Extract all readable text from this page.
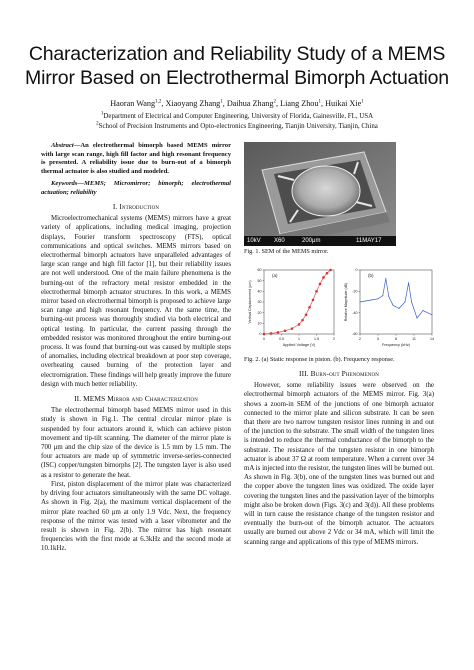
Characterization and Reliability Study of a MEMS
Mirror Based on Electrothermal Bimorph Actuation
Haoran Wang$^{1,2}$, Xiaoyang Zhang$^1$, Daihua Zhang$^2$, Liang Zhou$^1$, Huikai Xie$^1$
$^1$Department of Electrical and Computer Engineering, University of Florida, Gainesville, FL, USA
$^2$School of Precision Instruments and Opto-electronics Engineering, Tianjin University, Tianjin, China

Abstract—An electrothermal bimorph based MEMS mirror with large scan range, high fill factor and high resonant frequency is presented. A reliability issue due to burn-out of a bimorph thermal actuator is also studied and modeled.

Keywords—MEMS; Micromirror; bimorph; electrothermal actuation; reliability

I. Introduction

Microelectromechanical systems (MEMS) mirrors have a great variety of applications, including medical imaging, projection displays, Fourier transform spectroscopy (FTS), optical communications and optical switches. MEMS mirrors based on electrothermal bimorph actuators have unparalleled advantages of large scan range and high fill factor [1], but their reliability issues are not well understood. One of the main failure phenomena is the burning-out of the refractory metal resistor embedded in the electrothermal bimorph actuator structures. In this work, a MEMS mirror based on electrothermal bimorph is proposed to achieve large scan range and high resonant frequency. At the same time, the burning-out process was thoroughly studied via both electrical and optical testing. In particular, the current passing through the embedded resistor was monitored throughout the entire burning-out process. It was found that burning-out was caused by multiple steps of anomalies, including electrical breakdown at poor step coverage, overheating caused burning of the protection layer and electromigration. These findings will help greatly improve the future design with much better reliability.

II. MEMS Mirror and Characterization

The electrothermal bimorph based MEMS mirror used in this study is shown in Fig.1. The central circular mirror plate is suspended by four actuators around it, which can achieve piston movement and tip-tilt scanning. The diameter of the mirror plate is 700 μm and the chip size of the device is 1.5 mm by 1.5 mm. The four actuators are made up of symmetric inverse-series-connected (ISC) copper/tungsten bimorphs [2]. The tungsten layer is also used as a resistor to generate the heat.

First, piston displacement of the mirror plate was characterized by driving four actuators simultaneously with the same DC voltage. As shown in Fig. 2(a), the maximum vertical displacement of the mirror plate reached 60 μm at only 1.9 Vdc. Next, the frequency response of the mirror was tested with a laser vibrometer and the result is shown in Fig. 2(b). The mirror has high resonant frequencies with the first mode at 6.3kHz and the second mode at 10.1kHz.

10kV X60	200μm	11MAY17

Fig. 1. SEM of the MEMS mirror.

0	0.5	1	1.5	2
0
10
20
30
40
50
60
(a)
Applied Voltage (V)
Vertical Displacement (μm)
2	5	8	11	14
0
-20
-40
-60
(b)
Frequency (kHz)
Relative Magnitude (dB)

Fig. 2. (a) Static response in piston. (b). Frequency response.

III. Burn-out Phenomenon

However, some reliability issues were observed on the electrothermal bimorph actuators of the MEMS mirror. Fig. 3(a) shows a zoom-in SEM of the junctions of one bimorph actuator connected to the mirror plate and silicon substrate. It can be seen that there are two narrow tungsten resistor lines running in and out of the junction to the substrate. The small width of the tungsten lines is intended to reduce the thermal conductance of the bimorph to the substrate. The resistance of the tungsten resistor in one bimorph actuator is about 37 Ω at room temperature. When a current over 34 mA is injected into the resistor, the tungsten lines will be burned out. As shown in Fig. 3(b), one of the tungsten lines was burned out and the copper above the tungsten lines was oxidized. The oxide layer covering the tungsten lines and the passivation layer of the bimorphs might also be broken down (Figs. 3(c) and 3(d)). All these problems will in turn cause the resistance change of the tungsten resistor and eventually the burn-out of the bimorph actuator. The actuators usually are burned out above 2 Vdc or 34 mA, which will limit the scanning range and applications of this type of MEMS mirrors.
